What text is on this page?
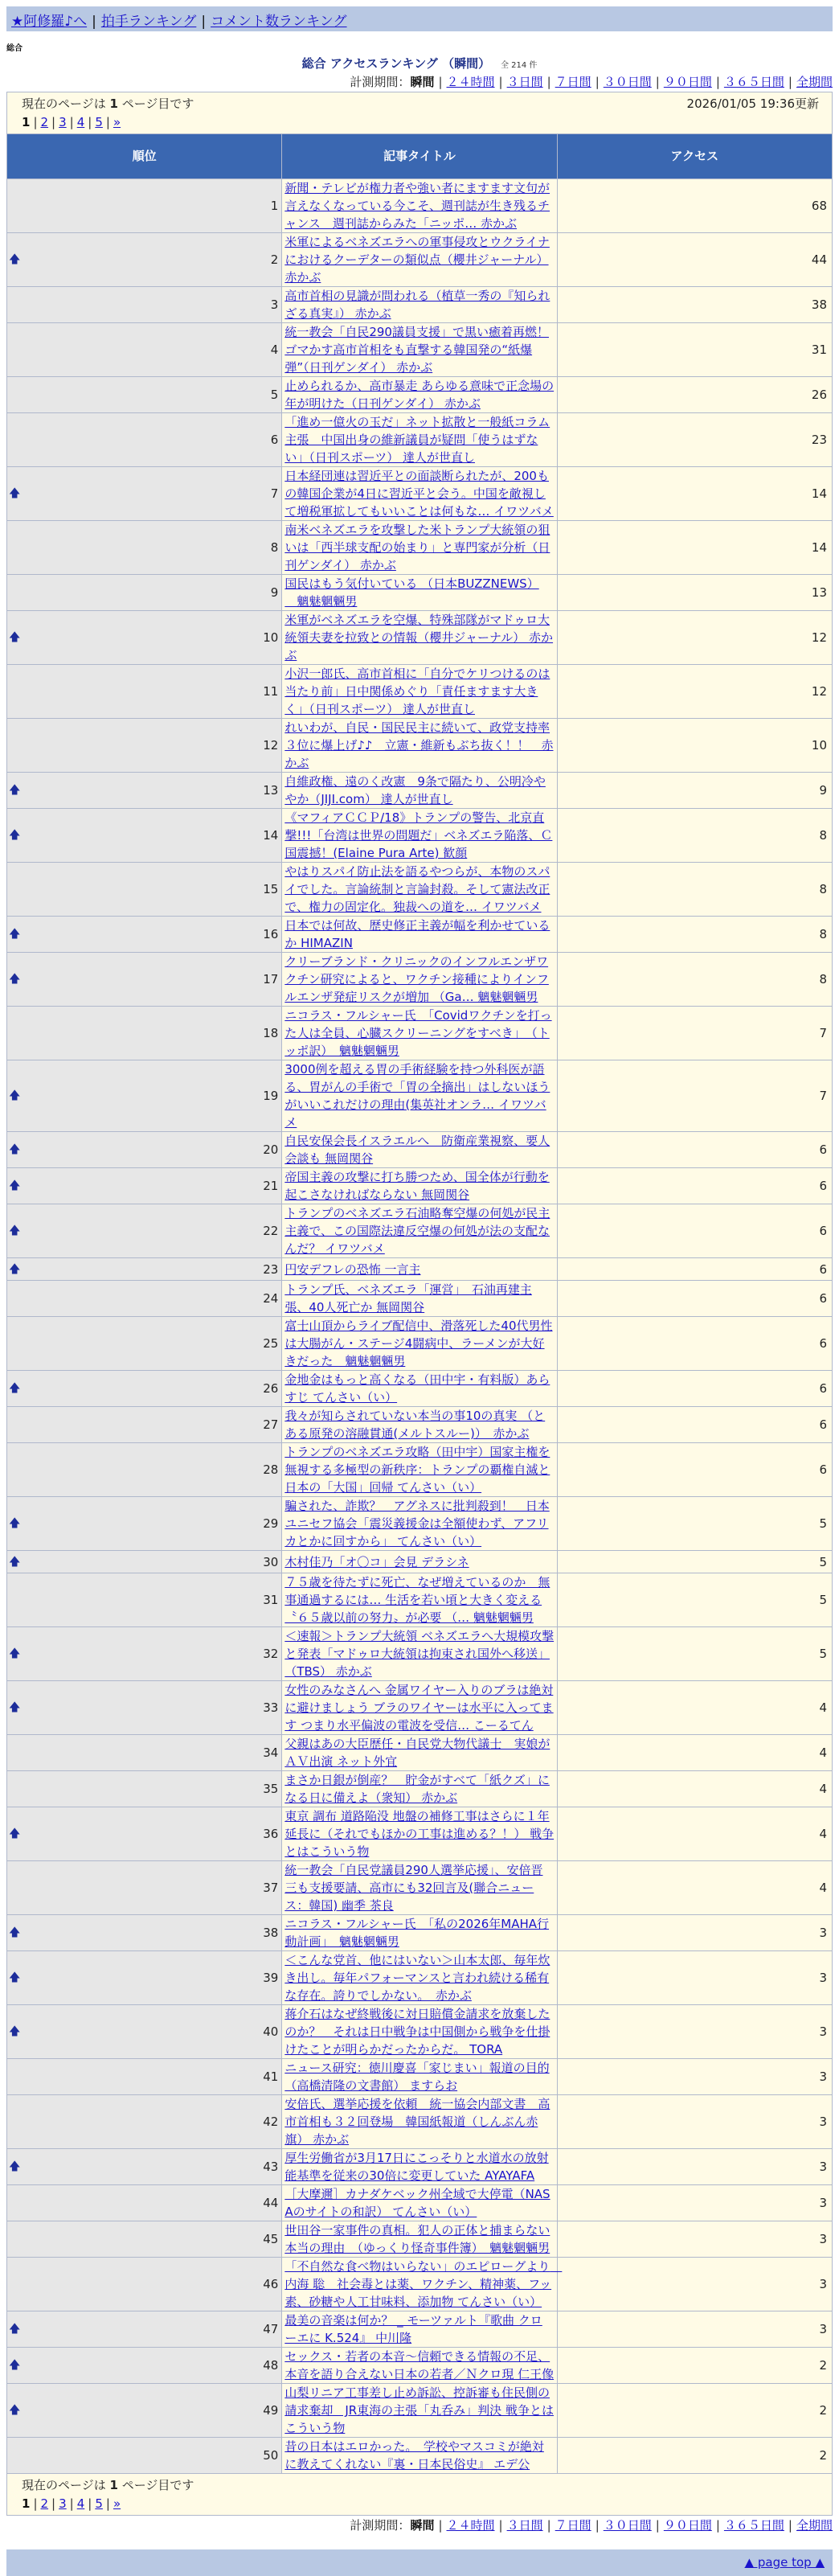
★阿修羅♪へ | 拍手ランキング | コメント数ランキング
総合
総合 アクセスランキング （瞬間） 全 214 件
計測期間：瞬間 | ２４時間 | ３日間 | ７日間 | ３０日間 | ９０日間 | ３６５日間 | 全期間
現在のページは 1 ページ目です 2026/01/05 19:36更新
1 | 2 | 3 | 4 | 5 | »		

順位	記事タイトル	アクセス
1	新聞・テレビが権力者や強い者にますます文句が言えなくなっている今こそ、週刊誌が生き残るチャンス　週刊誌からみた「ニッポ… 赤かぶ	68

🡅 2	米軍によるベネズエラへの軍事侵攻とウクライナにおけるクーデターの類似点（櫻井ジャーナル） 赤かぶ	44
3	高市首相の見識が問われる（植草一秀の『知られざる真実』） 赤かぶ	38
4	統一教会「自民290議員支援」で黒い癒着再燃！ゴマかす高市首相をも直撃する韓国発の“紙爆弾”（日刊ゲンダイ） 赤かぶ	31
5	止められるか、高市暴走 あらゆる意味で正念場の年が明けた（日刊ゲンダイ） 赤かぶ	26
6	「進め一億火の玉だ」ネット拡散と一般紙コラム主張　中国出身の維新議員が疑問「使うはずない」（日刊スポーツ） 達人が世直し	23

🡅 7	日本経団連は習近平との面談断られたが、200もの韓国企業が4日に習近平と会う。中国を敵視して増税軍拡してもいいことは何もな… イワツバメ	14
8	南米ベネズエラを攻撃した米トランプ大統領の狙いは「西半球支配の始まり」と専門家が分析（日刊ゲンダイ） 赤かぶ	14
9	国民はもう気付いている （日本BUZZNEWS） 　魑魅魍魎男	13

🡅 10	米軍がベネズエラを空爆、特殊部隊がマドゥロ大統領夫妻を拉致との情報（櫻井ジャーナル） 赤かぶ	12
11	小沢一郎氏、高市首相に「自分でケリつけるのは当たり前」日中関係めぐり「責任ますます大きく」（日刊スポーツ） 達人が世直し	12
12	れいわが、自民・国民民主に続いて、政党支持率３位に爆上げ♪♪　立憲・維新もぶち抜く！！　赤かぶ	10

🡅 13	自維政権、遠のく改憲　9条で隔たり、公明冷ややか（JIJI.com） 達人が世直し	9

🡅 14	《マフィアＣＣＰ/18》トランプの警告、北京直撃!!!「台湾は世界の問題だ」ベネズエラ陥落、Ｃ国震撼！(Elaine Pura Arte) 歓顔	8
15	やはりスパイ防止法を語るやつらが、本物のスパイでした。言論統制と言論封殺。そして憲法改正で、権力の固定化。独裁への道を… イワツバメ	8

🡅 16	日本では何故、歴史修正主義が幅を利かせているか HIMAZIN	8

🡅 17	クリーブランド・クリニックのインフルエンザワクチン研究によると、ワクチン接種によりインフルエンザ発症リスクが増加 （Ga… 魑魅魍魎男	8
18	ニコラス・フルシャー氏　「Covidワクチンを打った人は全員、心臓スクリーニングをすべき」　（トッポ訳）　魑魅魍魎男	7

🡅 19	3000例を超える胃の手術経験を持つ外科医が語る、胃がんの手術で「胃の全摘出」はしないほうがいいこれだけの理由(集英社オンラ… イワツバメ	7

🡅 20	自民安保会長イスラエルへ　防衛産業視察、要人会談も 無岡関谷	6

🡅 21	帝国主義の攻撃に打ち勝つため、国全体が行動を起こさなければならない 無岡関谷	6

🡅 22	トランプのベネズエラ石油略奪空爆の何処が民主主義で、この国際法違反空爆の何処が法の支配なんだ？ イワツバメ	6

🡅 23	円安デフレの恐怖 一言主	6
24	トランプ氏、ベネズエラ「運営」　石油再建主張、40人死亡か 無岡関谷	6
25	富士山頂からライブ配信中、滑落死した40代男性は大腸がん・ステージ4闘病中、ラーメンが大好きだった　魑魅魍魎男	6

🡅 26	金地金はもっと高くなる（田中宇・有料版）あらすじ てんさい（い）	6
27	我々が知らされていない本当の事10の真実 （とある原発の溶融貫通(メルトスルー)）　赤かぶ	6
28	トランプのベネズエラ攻略（田中宇）国家主権を無視する多極型の新秩序：トランプの覇権自滅と日本の「大国」回帰 てんさい（い）	6

🡅 29	騙された、詐欺？　アグネスに批判殺到！　日本ユニセフ協会「震災義援金は全額使わず、アフリカとかに回すから」 てんさい（い）	5

🡅 30	木村佳乃「オ〇コ」会見 デラシネ	5
31	７５歳を待たずに死亡、なぜ増えているのか　無事通過するには… 生活を若い頃と大きく変える〝６５歳以前の努力〟が必要 （… 魑魅魍魎男	5

🡅 32	＜速報＞トランプ大統領 ベネズエラへ大規模攻撃と発表「マドゥロ大統領は拘束され国外へ移送」（TBS） 赤かぶ	5

🡅 33	女性のみなさんへ 金属ワイヤー入りのブラは絶対に避けましょう ブラのワイヤーは水平に入ってます つまり水平偏波の電波を受信… こーるてん	4
34	父親はあの大臣歴任・自民党大物代議士　実娘がＡＶ出演 ネット外宜	4
35	まさか日銀が倒産？　貯金がすべて「紙クズ」になる日に備えよ（衆知） 赤かぶ	4

🡅 36	東京 調布 道路陥没 地盤の補修工事はさらに１年延長に（それでもほかの工事は進める？！） 戦争とはこういう物	4
37	統一教会「自民党議員290人選挙応援」、安倍晋三も支援要請、高市にも32回言及(聯合ニュース：韓国) 幽季 茶良	4

🡅 38	ニコラス・フルシャー氏　「私の2026年MAHA行動計画」　魑魅魍魎男	3

🡅 39	＜こんな党首、他にはいない＞山本太郎、毎年炊き出し。毎年パフォーマンスと言われ続ける稀有な存在。誇りでしかない。　赤かぶ	3

🡅 40	蒋介石はなぜ終戦後に対日賠償金請求を放棄したのか？　それは日中戦争は中国側から戦争を仕掛けたことが明らかだったからだ。 TORA	3
41	ニュース研究：徳川慶喜「家じまい」報道の目的（高橋清隆の文書館） ますらお	3
42	安倍氏、選挙応援を依頼　統一協会内部文書　高市首相も３２回登場　韓国紙報道（しんぶん赤旗） 赤かぶ	3

🡅 43	厚生労働省が3月17日にこっそりと水道水の放射能基準を従来の30倍に変更していた AYAYAFA	3
44	［大摩邇］カナダケベック州全域で大停電（NASAのサイトの和訳） てんさい（い）	3
45	世田谷一家事件の真相。犯人の正体と捕まらない本当の理由　（ゆっくり怪奇事件簿）　魑魅魍魎男	3
46	「不自然な食べ物はいらない」のエピローグより　内海 聡　社会毒とは薬、ワクチン、精神薬、フッ素、砂糖や人工甘味料、添加物 てんさい（い）	3

🡅 47	最美の音楽は何か？ _ モーツァルト『歌曲 クローエに K.524』 中川隆	3

🡅 48	セックス・若者の本音〜信頼できる情報の不足、本音を語り合えない日本の若者／Ｎクロ現 仁王像	2

🡅 49	山梨リニア工事差し止め訴訟、控訴審も住民側の請求棄却　JR東海の主張「丸呑み」判決 戦争とはこういう物	2
50	昔の日本はエロかった。　学校やマスコミが絶対に教えてくれない『裏・日本民俗史』 エデ公	2

現在のページは 1 ページ目です
1 | 2 | 3 | 4 | 5 | »		
計測期間：瞬間 | ２４時間 | ３日間 | ７日間 | ３０日間 | ９０日間 | ３６５日間 | 全期間
▲ page top ▲
